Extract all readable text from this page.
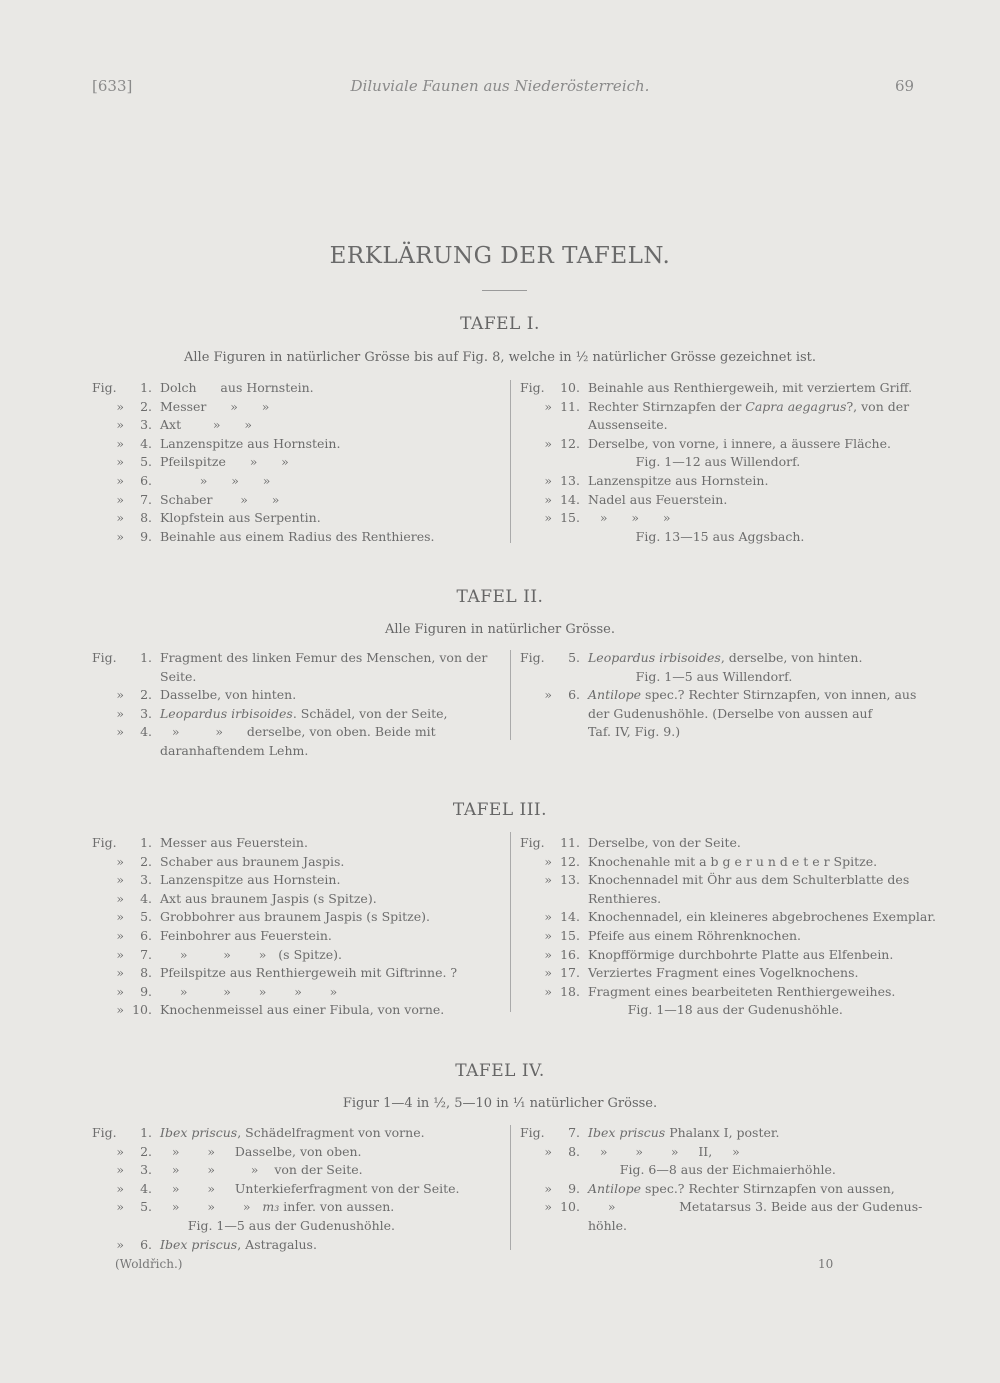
[633]	Diluviale Faunen aus Niederösterreich.	69
ERKLÄRUNG DER TAFELN.
TAFEL I.
Alle Figuren in natürlicher Grösse bis auf Fig. 8, welche in ½ natürlicher Grösse gezeichnet ist.
Fig. 1. Dolch      aus Hornstein.
» 2. Messer      »      »
» 3. Axt        »      »
» 4. Lanzenspitze aus Hornstein.
» 5. Pfeilspitze      »      »
» 6.          »      »      »
» 7. Schaber       »      »
» 8. Klopfstein aus Serpentin.
» 9. Beinahle aus einem Radius des Renthieres.
Fig. 10. Beinahle aus Renthiergeweih, mit verziertem Griff.
» 11. Rechter Stirnzapfen der Capra aegagrus?, von der
Aussenseite.
» 12. Derselbe, von vorne, i innere, a äussere Fläche.
Fig. 1—12 aus Willendorf.
» 13. Lanzenspitze aus Hornstein.
» 14. Nadel aus Feuerstein.
» 15.   »      »      »
Fig. 13—15 aus Aggsbach.
TAFEL II.
Alle Figuren in natürlicher Grösse.
Fig. 1. Fragment des linken Femur des Menschen, von der
Seite.
» 2. Dasselbe, von hinten.
» 3. Leopardus irbisoides. Schädel, von der Seite,
» 4.   »         »      derselbe, von oben. Beide mit
daranhaftendem Lehm.
Fig. 5. Leopardus irbisoides, derselbe, von hinten.
Fig. 1—5 aus Willendorf.
» 6. Antilope spec.? Rechter Stirnzapfen, von innen, aus
der Gudenushöhle. (Derselbe von aussen auf
Taf. IV, Fig. 9.)
TAFEL III.
Fig. 1. Messer aus Feuerstein.
» 2. Schaber aus braunem Jaspis.
» 3. Lanzenspitze aus Hornstein.
» 4. Axt aus braunem Jaspis (s Spitze).
» 5. Grobbohrer aus braunem Jaspis (s Spitze).
» 6. Feinbohrer aus Feuerstein.
» 7.     »         »       »   (s Spitze).
» 8. Pfeilspitze aus Renthiergeweih mit Giftrinne. ?
» 9.     »         »       »       »       »
» 10. Knochenmeissel aus einer Fibula, von vorne.
Fig. 11. Derselbe, von der Seite.
» 12. Knochenahle mit a b g e r u n d e t e r Spitze.
» 13. Knochennadel mit Öhr aus dem Schulterblatte des
Renthieres.
» 14. Knochennadel, ein kleineres abgebrochenes Exemplar.
» 15. Pfeife aus einem Röhrenknochen.
» 16. Knopfförmige durchbohrte Platte aus Elfenbein.
» 17. Verziertes Fragment eines Vogelknochens.
» 18. Fragment eines bearbeiteten Renthiergeweihes.
Fig. 1—18 aus der Gudenushöhle.
TAFEL IV.
Figur 1—4 in ½, 5—10 in ¹⁄₁ natürlicher Grösse.
Fig. 1. Ibex priscus, Schädelfragment von vorne.
» 2.   »       »     Dasselbe, von oben.
» 3.   »       »         »    von der Seite.
» 4.   »       »     Unterkieferfragment von der Seite.
» 5.   »       »       »   m₃ infer. von aussen.
Fig. 1—5 aus der Gudenushöhle.
» 6. Ibex priscus, Astragalus.
Fig. 7. Ibex priscus Phalanx I, poster.
» 8.   »       »       »     II,     »
Fig. 6—8 aus der Eichmaierhöhle.
» 9. Antilope spec.? Rechter Stirnzapfen von aussen,
» 10.     »                Metatarsus 3. Beide aus der Gudenus-
höhle.
(Woldřich.)	10
